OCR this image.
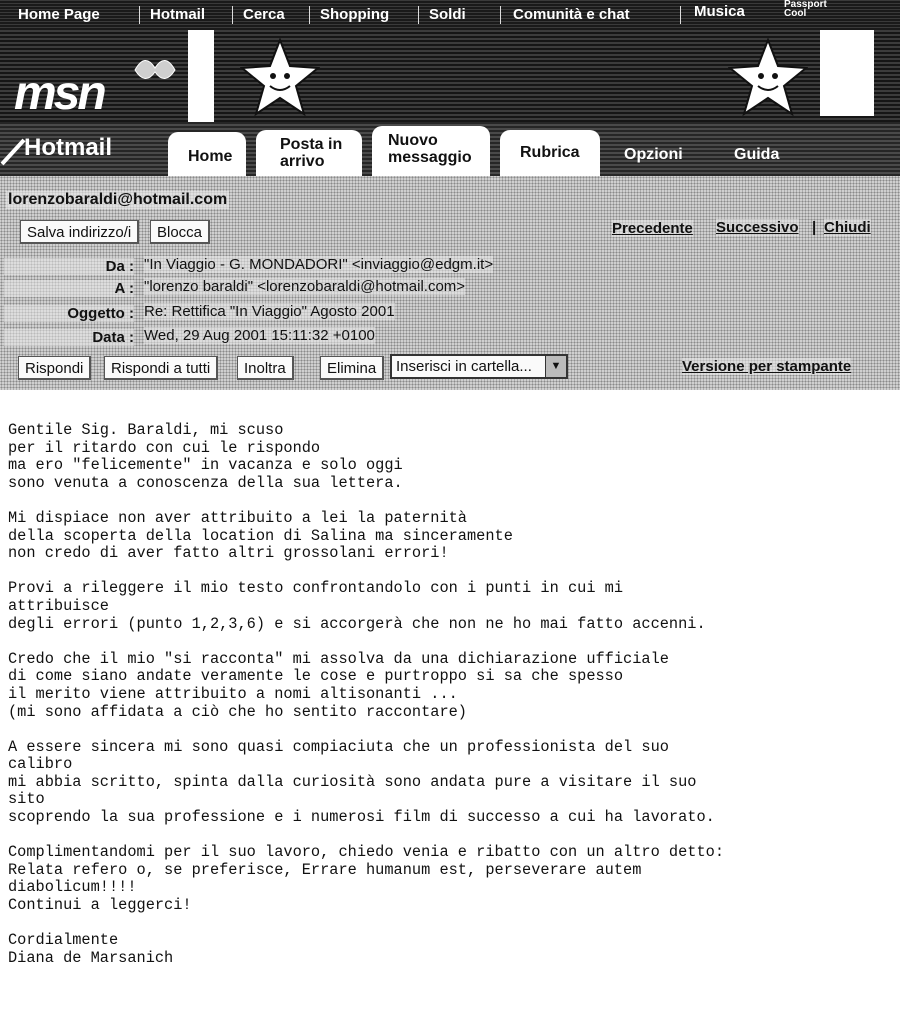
Home Page	Hotmail	Cerca Shopping	Soldi	Comunità e chat	Musica	Passport
Cool
msn
Hotmail	Home
Posta in arrivo
Nuovo messaggio	Rubrica	Opzioni	Guida
lorenzobaraldi@hotmail.com
Salva indirizzo/i	Blocca	Precedente Successivo | Chiudi
Da : "In Viaggio - G. MONDADORI" <inviaggio@edgm.it>
A : "lorenzo baraldi" <lorenzobaraldi@hotmail.com>
Oggetto : Re: Rettifica "In Viaggio" Agosto 2001
Data : Wed, 29 Aug 2001 15:11:32 +0100
Rispondi	Rispondi a tutti	Inoltra	Elimina	Inserisci in cartella...	▼	Versione per stampante
Gentile Sig. Baraldi, mi scuso
per il ritardo con cui le rispondo
ma ero "felicemente" in vacanza e solo oggi
sono venuta a conoscenza della sua lettera.

Mi dispiace non aver attribuito a lei la paternità
della scoperta della location di Salina ma sinceramente
non credo di aver fatto altri grossolani errori!

Provi a rileggere il mio testo confrontandolo con i punti in cui mi
attribuisce
degli errori (punto 1,2,3,6) e si accorgerà che non ne ho mai fatto accenni.

Credo che il mio "si racconta" mi assolva da una dichiarazione ufficiale
di come siano andate veramente le cose e purtroppo si sa che spesso
il merito viene attribuito a nomi altisonanti ...
(mi sono affidata a ciò che ho sentito raccontare)

A essere sincera mi sono quasi compiaciuta che un professionista del suo
calibro
mi abbia scritto, spinta dalla curiosità sono andata pure a visitare il suo
sito
scoprendo la sua professione e i numerosi film di successo a cui ha lavorato.

Complimentandomi per il suo lavoro, chiedo venia e ribatto con un altro detto:
Relata refero o, se preferisce, Errare humanum est, perseverare autem
diabolicum!!!!
Continui a leggerci!

Cordialmente
Diana de Marsanich
